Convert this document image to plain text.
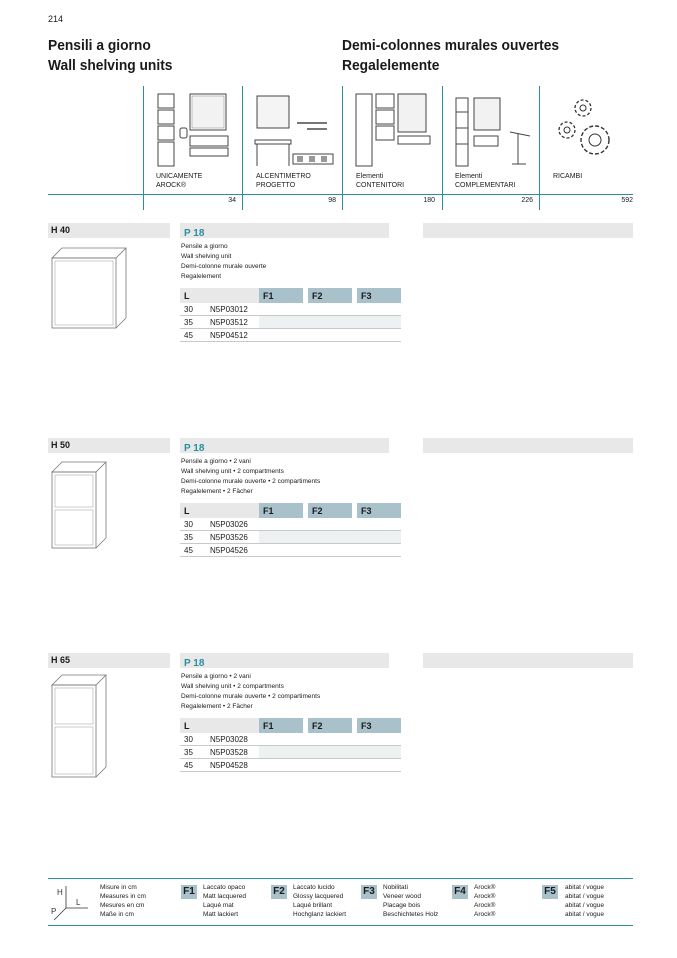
214
Pensili a giorno
Wall shelving units
Demi-colonnes murales ouvertes
Regalelemente
UNICAMENTE
AROCK®
ALCENTIMETRO
PROGETTO
Elementi
CONTENITORI
Elementi
COMPLEMENTARI
RICAMBI
34	98	180	226	592
H 40	P 18
Pensile a giorno
Wall shelving unit
Demi-colonne murale ouverte
Regalelement
L		F1		F2		F3
30	N5P03012					
35	N5P03512					
45	N5P04512					
H 50	P 18
Pensile a giorno • 2 vani
Wall shelving unit • 2 compartments
Demi-colonne murale ouverte • 2 compartiments
Regalelement • 2 Fächer
L		F1		F2		F3
30	N5P03026					
35	N5P03526					
45	N5P04526					
H 65	P 18
Pensile a giorno • 2 vani
Wall shelving unit • 2 compartments
Demi-colonne murale ouverte • 2 compartiments
Regalelement • 2 Fächer
L		F1		F2		F3
30	N5P03028					
35	N5P03528					
45	N5P04528					
H
L
P
Misure in cm
Measures in cm
Mesures en cm
Maße in cm
F1	Laccato opaco
Matt lacquered
Laqué mat
Matt lackiert
F2	Laccato lucido
Glossy lacquered
Laqué brillant
Hochglanz lackiert
F3	Nobilitati
Veneer wood
Placage bois
Beschichtetes Holz
F4	Arock®
Arock®
Arock®
Arock®
F5	abitat / vogue
abitat / vogue
abitat / vogue
abitat / vogue
